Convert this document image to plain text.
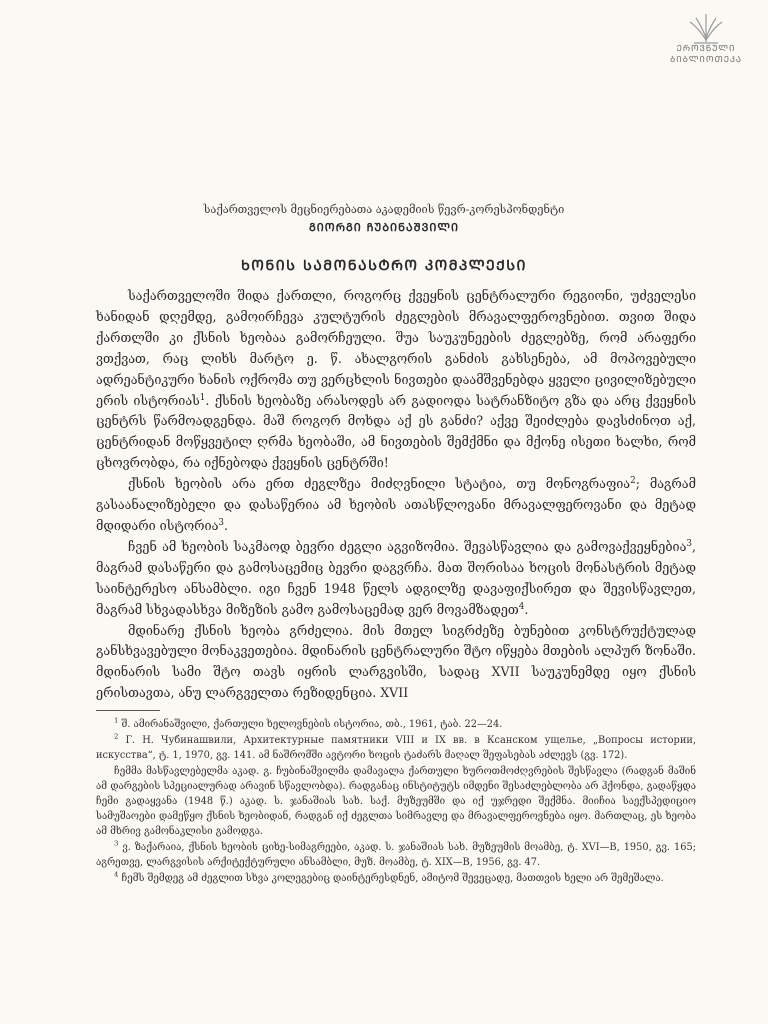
ᲔᲠᲝᲕᲜᲣᲚᲘ
ᲑᲘᲑᲚᲘᲝᲗᲔᲙᲐ
საქართველოს მეცნიერებათა აკადემიის წევრ-კორესპონდენტი
ᲒᲘᲝᲠᲒᲘ ᲩᲣᲑᲘᲜᲐᲨᲕᲘᲚᲘ
ᲮᲝᲜᲘᲡ ᲡᲐᲛᲝᲜᲐᲡᲢᲠᲝ ᲙᲝᲛᲞᲚᲔᲥᲡᲘ

საქართველოში შიდა ქართლი, როგორც ქვეყნის ცენტრალური რეგიონი, უძველესი ხანიდან დღემდე, გამოირჩევა კულტურის ძეგლების მრავალფეროვნებით. თვით შიდა ქართლში კი ქსნის ხეობაა გამორჩეული. შუა საუკუნეების ძეგლებზე, რომ არაფერი ვთქვათ, რაც ლიხს მარტო ე. წ. ახალგორის განძის გახსენება, ამ მოპოვებული ადრეანტიკური ხანის ოქრომა თუ ვერცხლის ნივთები დაამშვენებდა ყველი ცივილიზებული ერის ისტორიას$^1$. ქსნის ხეობაზე არასოდეს არ გადიოდა სატრანზიტო გზა და არც ქვეყნის ცენტრს წარმოადგენდა. მაშ როგორ მოხდა აქ ეს განძი? აქვე შეიძლება დავსძინოთ აქ, ცენტრიდან მოწყვეტილ ღრმა ხეობაში, ამ ნივთების შემქმნი და მქონე ისეთი ხალხი, რომ ცხოვრობდა, რა იქნებოდა ქვეყნის ცენტრში!

ქსნის ხეობის არა ერთ ძეგლზეა მიძღვნილი სტატია, თუ მონოგრაფია$^2$; მაგრამ გასაანალიზებელი და დასაწერია ამ ხეობის ათასწლოვანი მრავალფეროვანი და მეტად მდიდარი ისტორია$^3$.

ჩვენ ამ ხეობის საკმაოდ ბევრი ძეგლი აგვიზომია. შევასწავლია და გამოვაქვეყნებია$^3$, მაგრამ დასაწერი და გამოსაცემიც ბევრი დაგვრჩა. მათ შორისაა ხოცის მონასტრის მეტად საინტერესო ანსამბლი. იგი ჩვენ 1948 წელს ადგილზე დავაფიქსირეთ და შევისწავლეთ, მაგრამ სხვადასხვა მიზეზის გამო გამოსაცემად ვერ მოვამზადეთ$^4$.

მდინარე ქსნის ხეობა გრძელია. მის მთელ სიგრძეზე ბუნებით კონსტრუქტულად განსხვავებული მონაკვეთებია. მდინარის ცენტრალური შტო იწყება მთების ალპურ ზონაში. მდინარის სამი შტო თავს იყრის ლარგვისში, სადაც XVII საუკუნემდე იყო ქსნის ერისთავთა, ანუ ლარგველთა რეზიდენცია. XVII

$^1$ შ. ამირანაშვილი, ქართული ხელოვნების ისტორია, თბ., 1961, ტაბ. 22—24.

$^2$ Г. Н. Чубинашвили, Архитектурные памятники VIII и IX вв. в Ксанском ущелье, „Вопросы истории, искусства“, ტ. 1, 1970, გვ. 141. ამ ნაშრომში ავტორი ხოცის ტაძარს მაღალ შეფასებას აძლევს (გვ. 172).

ჩემმა მასწავლებელმა აკად. გ. ჩუბინაშვილმა დამავალა ქართული ხუროთმოძღვრების შესწავლა (რადგან მაშინ ამ დარგების სპეციალურად არავინ სწავლობდა). რადგანაც ინსტიტუტს იმდენი შესაძლებლობა არ ჰქონდა, გადაწყდა ჩემი გადაყვანა (1948 წ.) აკად. ს. ჯანაშიას სახ. საქ. მუზეუმში და იქ უჯრედი შექმნა. მიიჩია საექსპედიციო სამუშაოები დამეწყო ქსნის ხეობიდან, რადგან იქ ძეგლთა სიმრავლე და მრავალფეროვნება იყო. მართლაც, ეს ხეობა ამ მხრივ გამონაკლისი გამოდგა.

$^3$ ვ. ზაქარაია, ქსნის ხეობის ციხე-სიმაგრეები, აკად. ს. ჯანაშიას სახ. მუზეუმის მოამბე, ტ. XVI—B, 1950, გვ. 165; აგრეთვე, ლარგვისის არქიტექტურული ანსამბლი, მუზ. მოამბე, ტ. XIX—B, 1956, გვ. 47.

$^4$ ჩემს შემდეგ ამ ძეგლით სხვა კოლეგებიც დაინტერესდნენ, ამიტომ შევეცადე, მათთვის ხელი არ შემეშალა.
